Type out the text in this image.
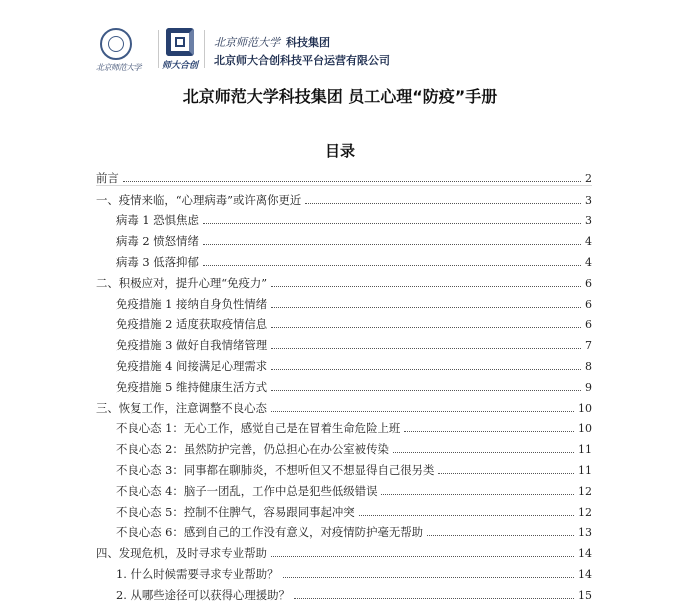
北京师范大学	师大合创
北京师范大学 科技集团
北京师大合创科技平台运营有限公司
北京师范大学科技集团 员工心理“防疫”手册
目录
前言	2
一、疫情来临，“心理病毒”或许离你更近	3
病毒 1 恐惧焦虑	3
病毒 2 愤怒情绪	4
病毒 3 低落抑郁	4
二、积极应对，提升心理“免疫力”	6
免疫措施 1 接纳自身负性情绪	6
免疫措施 2 适度获取疫情信息	6
免疫措施 3 做好自我情绪管理	7
免疫措施 4 间接满足心理需求	8
免疫措施 5 维持健康生活方式	9
三、恢复工作，注意调整不良心态	10
不良心态 1：无心工作，感觉自己是在冒着生命危险上班	10
不良心态 2：虽然防护完善，仍总担心在办公室被传染	11
不良心态 3：同事都在聊肺炎，不想听但又不想显得自己很另类	11
不良心态 4：脑子一团乱，工作中总是犯些低级错误	12
不良心态 5：控制不住脾气，容易跟同事起冲突	12
不良心态 6：感到自己的工作没有意义，对疫情防护毫无帮助	13
四、发现危机，及时寻求专业帮助	14
1. 什么时候需要寻求专业帮助？	14
2. 从哪些途径可以获得心理援助？	15
